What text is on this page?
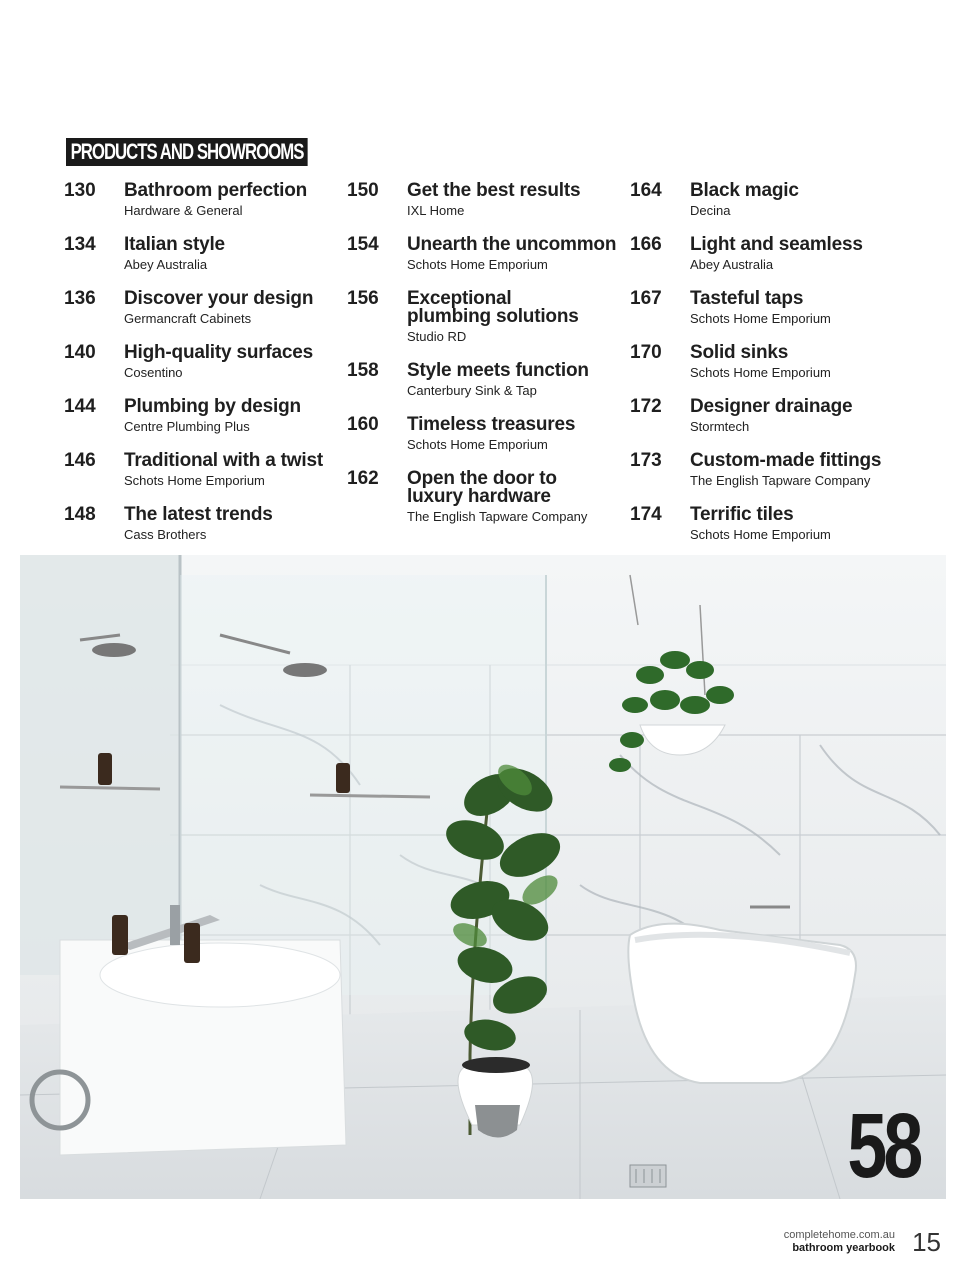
PRODUCTS AND SHOWROOMS
130 Bathroom perfection
Hardware & General
134 Italian style
Abey Australia
136 Discover your design
Germancraft Cabinets
140 High-quality surfaces
Cosentino
144 Plumbing by design
Centre Plumbing Plus
146 Traditional with a twist
Schots Home Emporium
148 The latest trends
Cass Brothers
150 Get the best results
IXL Home
154 Unearth the uncommon
Schots Home Emporium
156 Exceptional
plumbing solutions
Studio RD
158 Style meets function
Canterbury Sink & Tap
160 Timeless treasures
Schots Home Emporium
162 Open the door to
luxury hardware
The English Tapware Company
164 Black magic
Decina
166 Light and seamless
Abey Australia
167 Tasteful taps
Schots Home Emporium
170 Solid sinks
Schots Home Emporium
172 Designer drainage
Stormtech
173 Custom-made fittings
The English Tapware Company
174 Terrific tiles
Schots Home Emporium
58
completehome.com.au
bathroom yearbook 15
